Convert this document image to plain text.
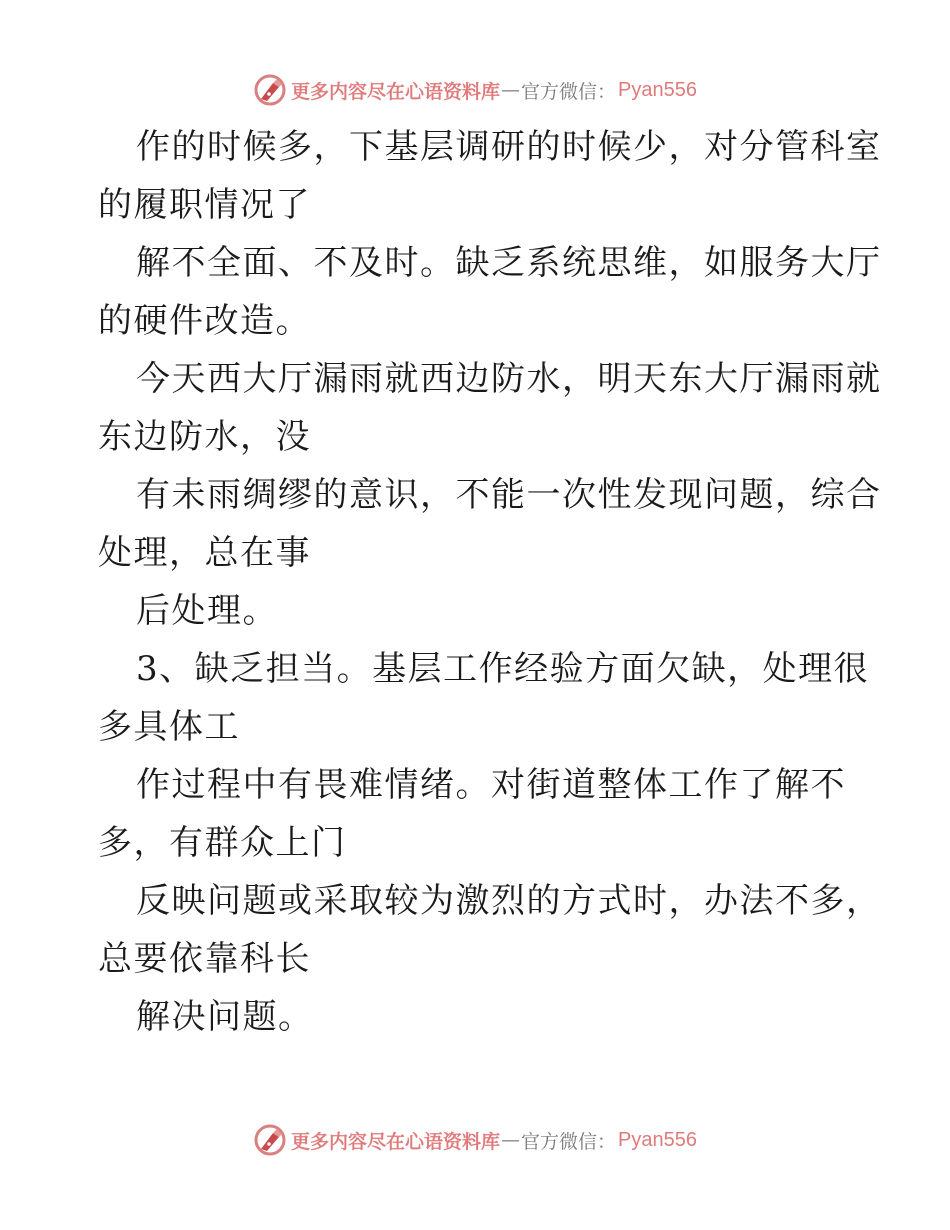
更多内容尽在心语资料库 — 官方微信： Pyan556
作的时候多，下基层调研的时候少，对分管科室
的履职情况了
解不全面、不及时。缺乏系统思维，如服务大厅
的硬件改造。
今天西大厅漏雨就西边防水，明天东大厅漏雨就
东边防水，没
有未雨绸缪的意识，不能一次性发现问题，综合
处理，总在事
后处理。
3、缺乏担当。基层工作经验方面欠缺，处理很
多具体工
作过程中有畏难情绪。对街道整体工作了解不
多，有群众上门
反映问题或采取较为激烈的方式时，办法不多，
总要依靠科长
解决问题。
更多内容尽在心语资料库 — 官方微信： Pyan556
